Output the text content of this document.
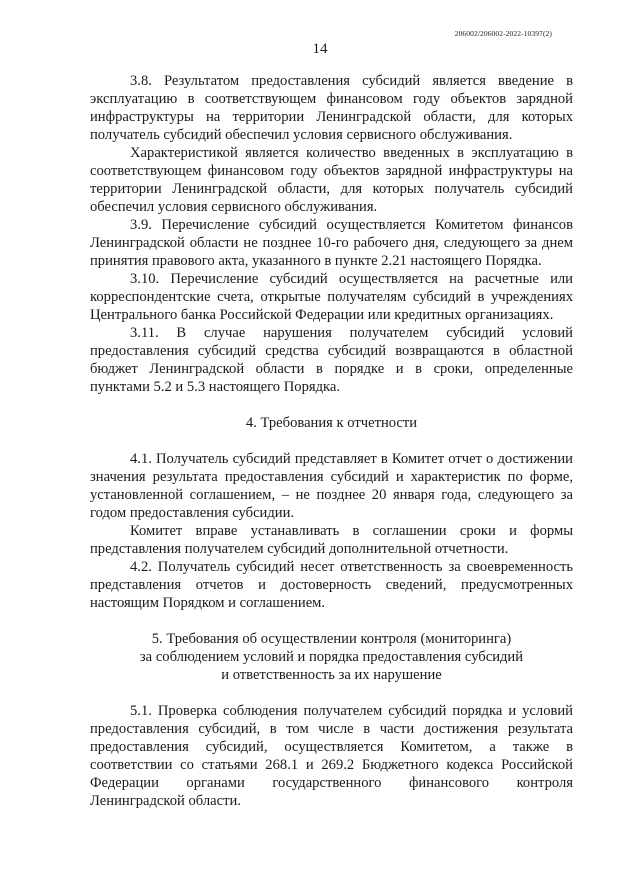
206002/206002-2022-10397(2)
14

3.8. Результатом предоставления субсидий является введение в эксплуатацию в соответствующем финансовом году объектов зарядной инфраструктуры на территории Ленинградской области, для которых получатель субсидий обеспечил условия сервисного обслуживания.

Характеристикой является количество введенных в эксплуатацию в соответствующем финансовом году объектов зарядной инфраструктуры на территории Ленинградской области, для которых получатель субсидий обеспечил условия сервисного обслуживания.

3.9. Перечисление субсидий осуществляется Комитетом финансов Ленинградской области не позднее 10-го рабочего дня, следующего за днем принятия правового акта, указанного в пункте 2.21 настоящего Порядка.

3.10. Перечисление субсидий осуществляется на расчетные или корреспондентские счета, открытые получателям субсидий в учреждениях Центрального банка Российской Федерации или кредитных организациях.

3.11. В случае нарушения получателем субсидий условий предоставления субсидий средства субсидий возвращаются в областной бюджет Ленинградской области в порядке и в сроки, определенные пунктами 5.2 и 5.3 настоящего Порядка.

4. Требования к отчетности

4.1. Получатель субсидий представляет в Комитет отчет о достижении значения результата предоставления субсидий и характеристик по форме, установленной соглашением, – не позднее 20 января года, следующего за годом предоставления субсидии.

Комитет вправе устанавливать в соглашении сроки и формы представления получателем субсидий дополнительной отчетности.

4.2. Получатель субсидий несет ответственность за своевременность представления отчетов и достоверность сведений, предусмотренных настоящим Порядком и соглашением.

5. Требования об осуществлении контроля (мониторинга)
за соблюдением условий и порядка предоставления субсидий
и ответственность за их нарушение

5.1. Проверка соблюдения получателем субсидий порядка и условий предоставления субсидий, в том числе в части достижения результата предоставления субсидий, осуществляется Комитетом, а также в соответствии со статьями 268.1 и 269.2 Бюджетного кодекса Российской Федерации органами государственного финансового контроля Ленинградской области.
